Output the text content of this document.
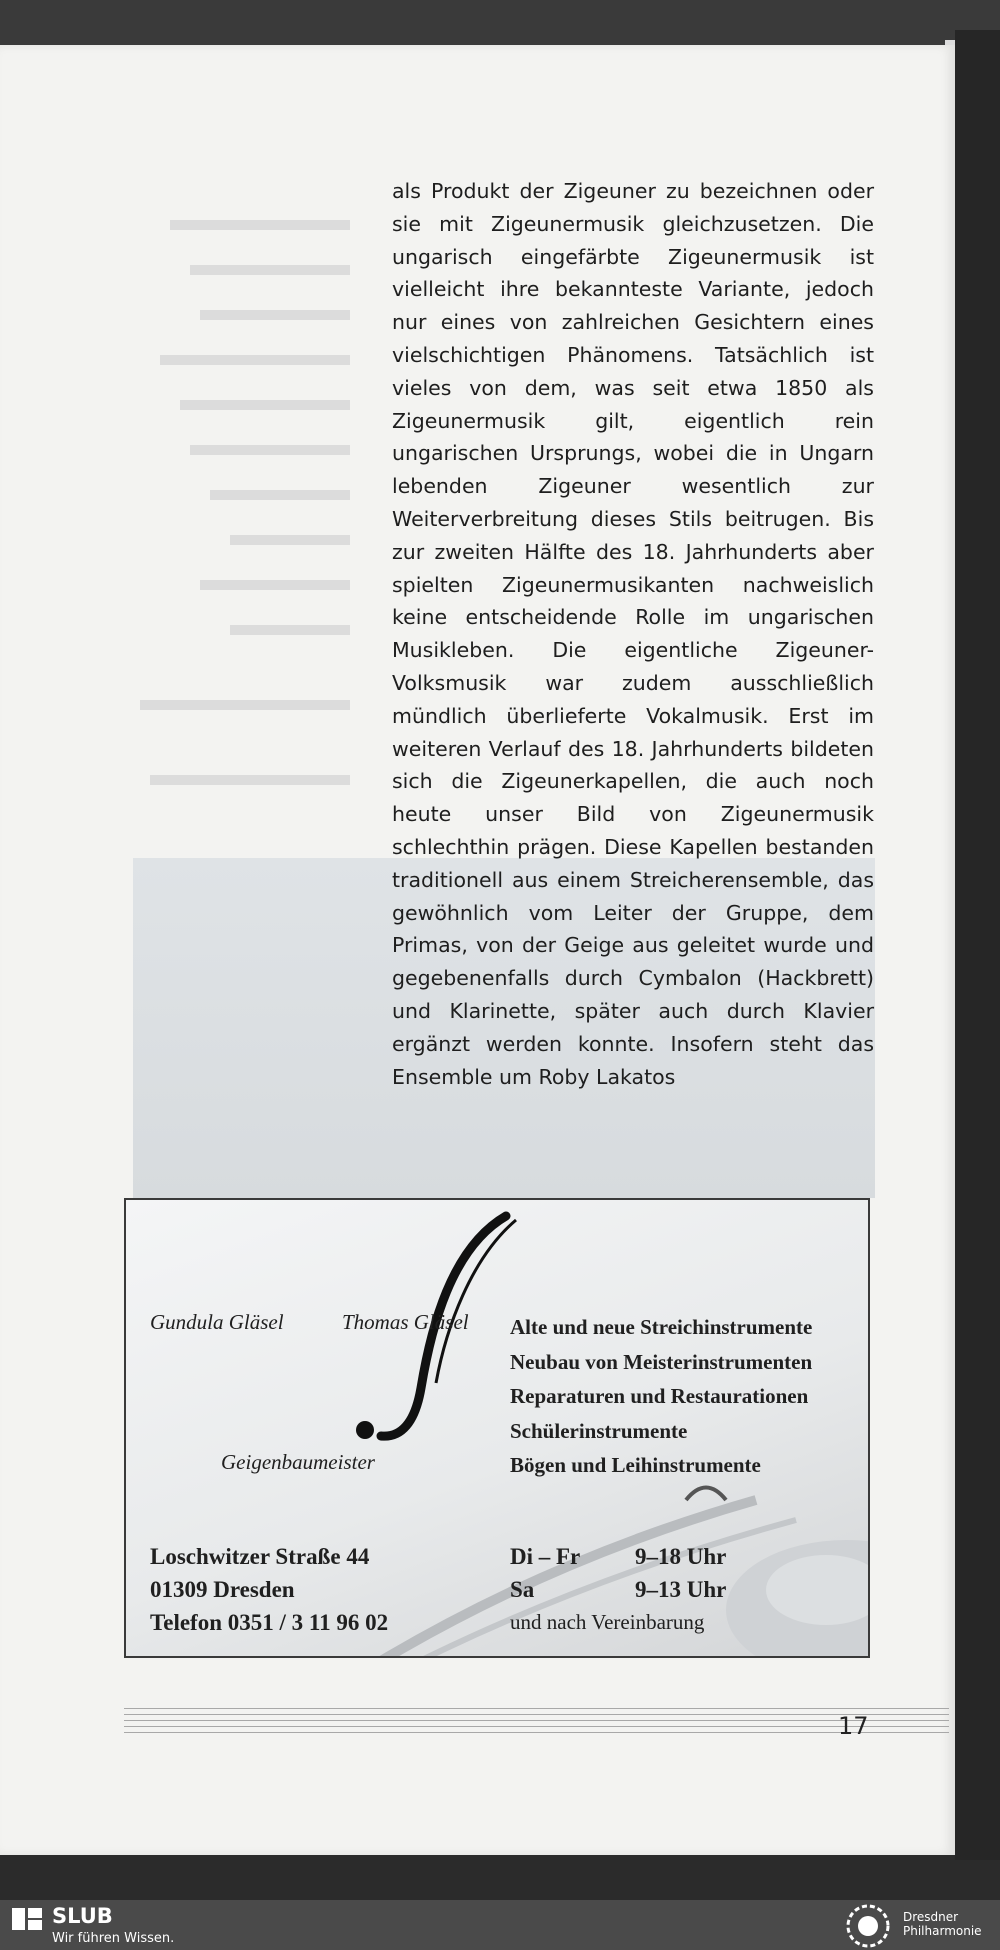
als Produkt der Zigeuner zu bezeichnen oder sie mit Zigeunermusik gleichzusetzen. Die ungarisch eingefärbte Zigeunermusik ist vielleicht ihre bekannteste Variante, jedoch nur eines von zahlreichen Gesichtern eines vielschichtigen Phänomens. Tatsächlich ist vieles von dem, was seit etwa 1850 als Zigeunermusik gilt, eigentlich rein ungarischen Ursprungs, wobei die in Ungarn lebenden Zigeuner wesentlich zur Weiterverbreitung dieses Stils beitrugen. Bis zur zweiten Hälfte des 18. Jahrhunderts aber spielten Zigeunermusikanten nachweislich keine entscheidende Rolle im ungarischen Musikleben. Die eigentliche Zigeuner-Volksmusik war zudem ausschließlich mündlich überlieferte Vokalmusik. Erst im weiteren Verlauf des 18. Jahrhunderts bildeten sich die Zigeunerkapellen, die auch noch heute unser Bild von Zigeunermusik schlechthin prägen. Diese Kapellen bestanden traditionell aus einem Streicherensemble, das gewöhnlich vom Leiter der Gruppe, dem Primas, von der Geige aus geleitet wurde und gegebenenfalls durch Cymbalon (Hackbrett) und Klarinette, später auch durch Klavier ergänzt werden konnte. Insofern steht das Ensemble um Roby Lakatos

Gundula Gläsel	Thomas Gläsel
Geigenbaumeister
Alte und neue Streichinstrumente
Neubau von Meisterinstrumenten
Reparaturen und Restaurationen
Schülerinstrumente
Bögen und Leihinstrumente
Loschwitzer Straße 44
01309 Dresden
Telefon 0351 / 3 11 96 02
Di – Fr	9–18 Uhr
Sa	9–13 Uhr
und nach Vereinbarung
17
SLUB
Wir führen Wissen.
Dresdner
Philharmonie
